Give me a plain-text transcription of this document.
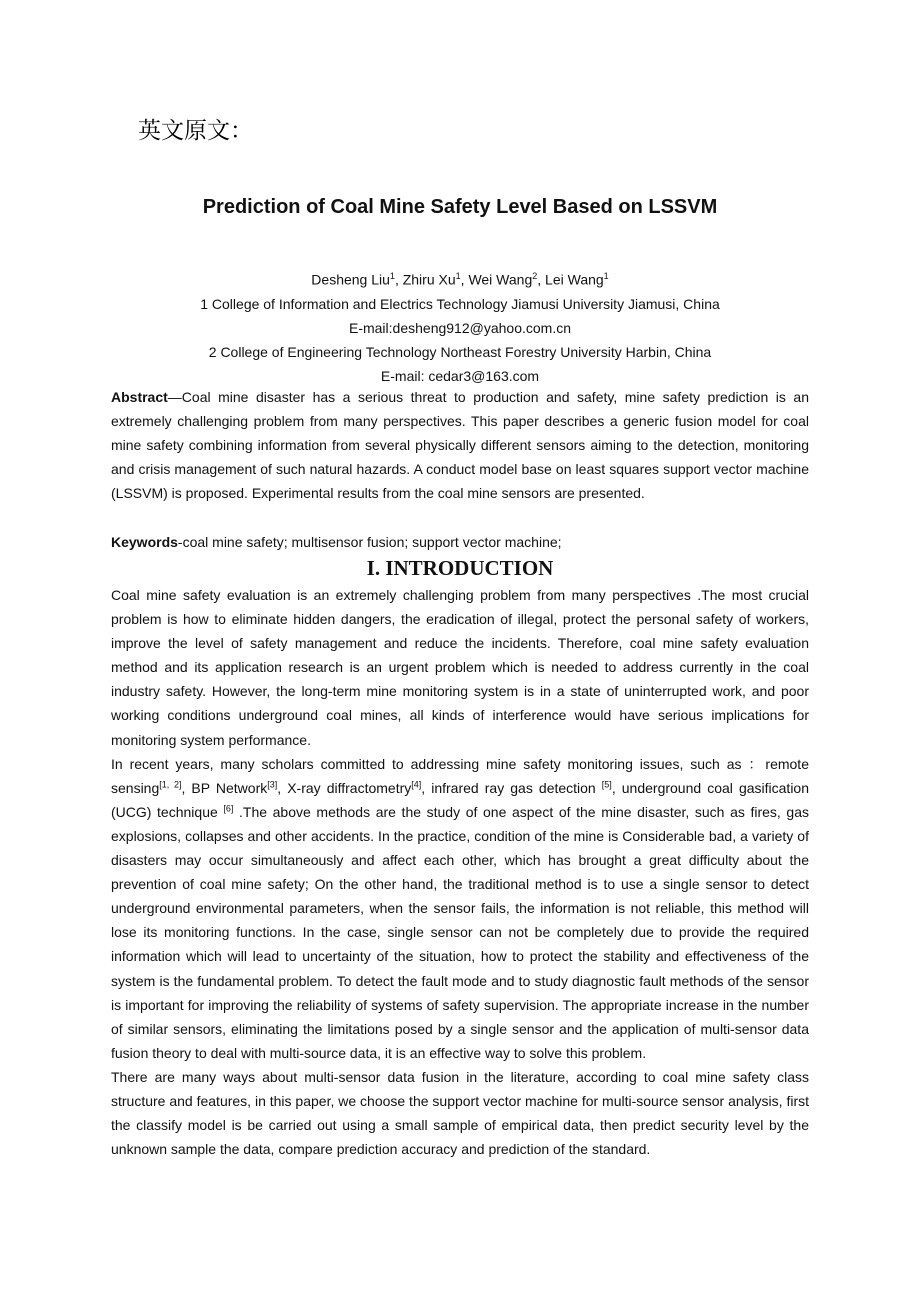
英文原文：
Prediction of Coal Mine Safety Level Based on LSSVM
Desheng Liu$^1$, Zhiru Xu$^1$, Wei Wang$^2$, Lei Wang$^1$
1 College of Information and Electrics Technology Jiamusi University Jiamusi, China
E-mail:desheng912@yahoo.com.cn
2 College of Engineering Technology Northeast Forestry University Harbin, China
E-mail: cedar3@163.com

Abstract—Coal mine disaster has a serious threat to production and safety, mine safety prediction is an extremely challenging problem from many perspectives. This paper describes a generic fusion model for coal mine safety combining information from several physically different sensors aiming to the detection, monitoring and crisis management of such natural hazards. A conduct model base on least squares support vector machine (LSSVM) is proposed. Experimental results from the coal mine sensors are presented.

Keywords-coal mine safety; multisensor fusion; support vector machine;

I. INTRODUCTION

Coal mine safety evaluation is an extremely challenging problem from many perspectives .The most crucial problem is how to eliminate hidden dangers, the eradication of illegal, protect the personal safety of workers, improve the level of safety management and reduce the incidents. Therefore, coal mine safety evaluation method and its application research is an urgent problem which is needed to address currently in the coal industry safety. However, the long-term mine monitoring system is in a state of uninterrupted work, and poor working conditions underground coal mines, all kinds of interference would have serious implications for monitoring system performance.

In recent years, many scholars committed to addressing mine safety monitoring issues, such as ：remote sensing[1, 2], BP Network[3], X-ray diffractometry[4], infrared ray gas detection [5], underground coal gasification (UCG) technique [6] .The above methods are the study of one aspect of the mine disaster, such as fires, gas explosions, collapses and other accidents. In the practice, condition of the mine is Considerable bad, a variety of disasters may occur simultaneously and affect each other, which has brought a great difficulty about the prevention of coal mine safety; On the other hand, the traditional method is to use a single sensor to detect underground environmental parameters, when the sensor fails, the information is not reliable, this method will lose its monitoring functions. In the case, single sensor can not be completely due to provide the required information which will lead to uncertainty of the situation, how to protect the stability and effectiveness of the system is the fundamental problem. To detect the fault mode and to study diagnostic fault methods of the sensor is important for improving the reliability of systems of safety supervision. The appropriate increase in the number of similar sensors, eliminating the limitations posed by a single sensor and the application of multi-sensor data fusion theory to deal with multi-source data, it is an effective way to solve this problem.

There are many ways about multi-sensor data fusion in the literature, according to coal mine safety class structure and features, in this paper, we choose the support vector machine for multi-source sensor analysis, first the classify model is be carried out using a small sample of empirical data, then predict security level by the unknown sample the data, compare prediction accuracy and prediction of the standard.
